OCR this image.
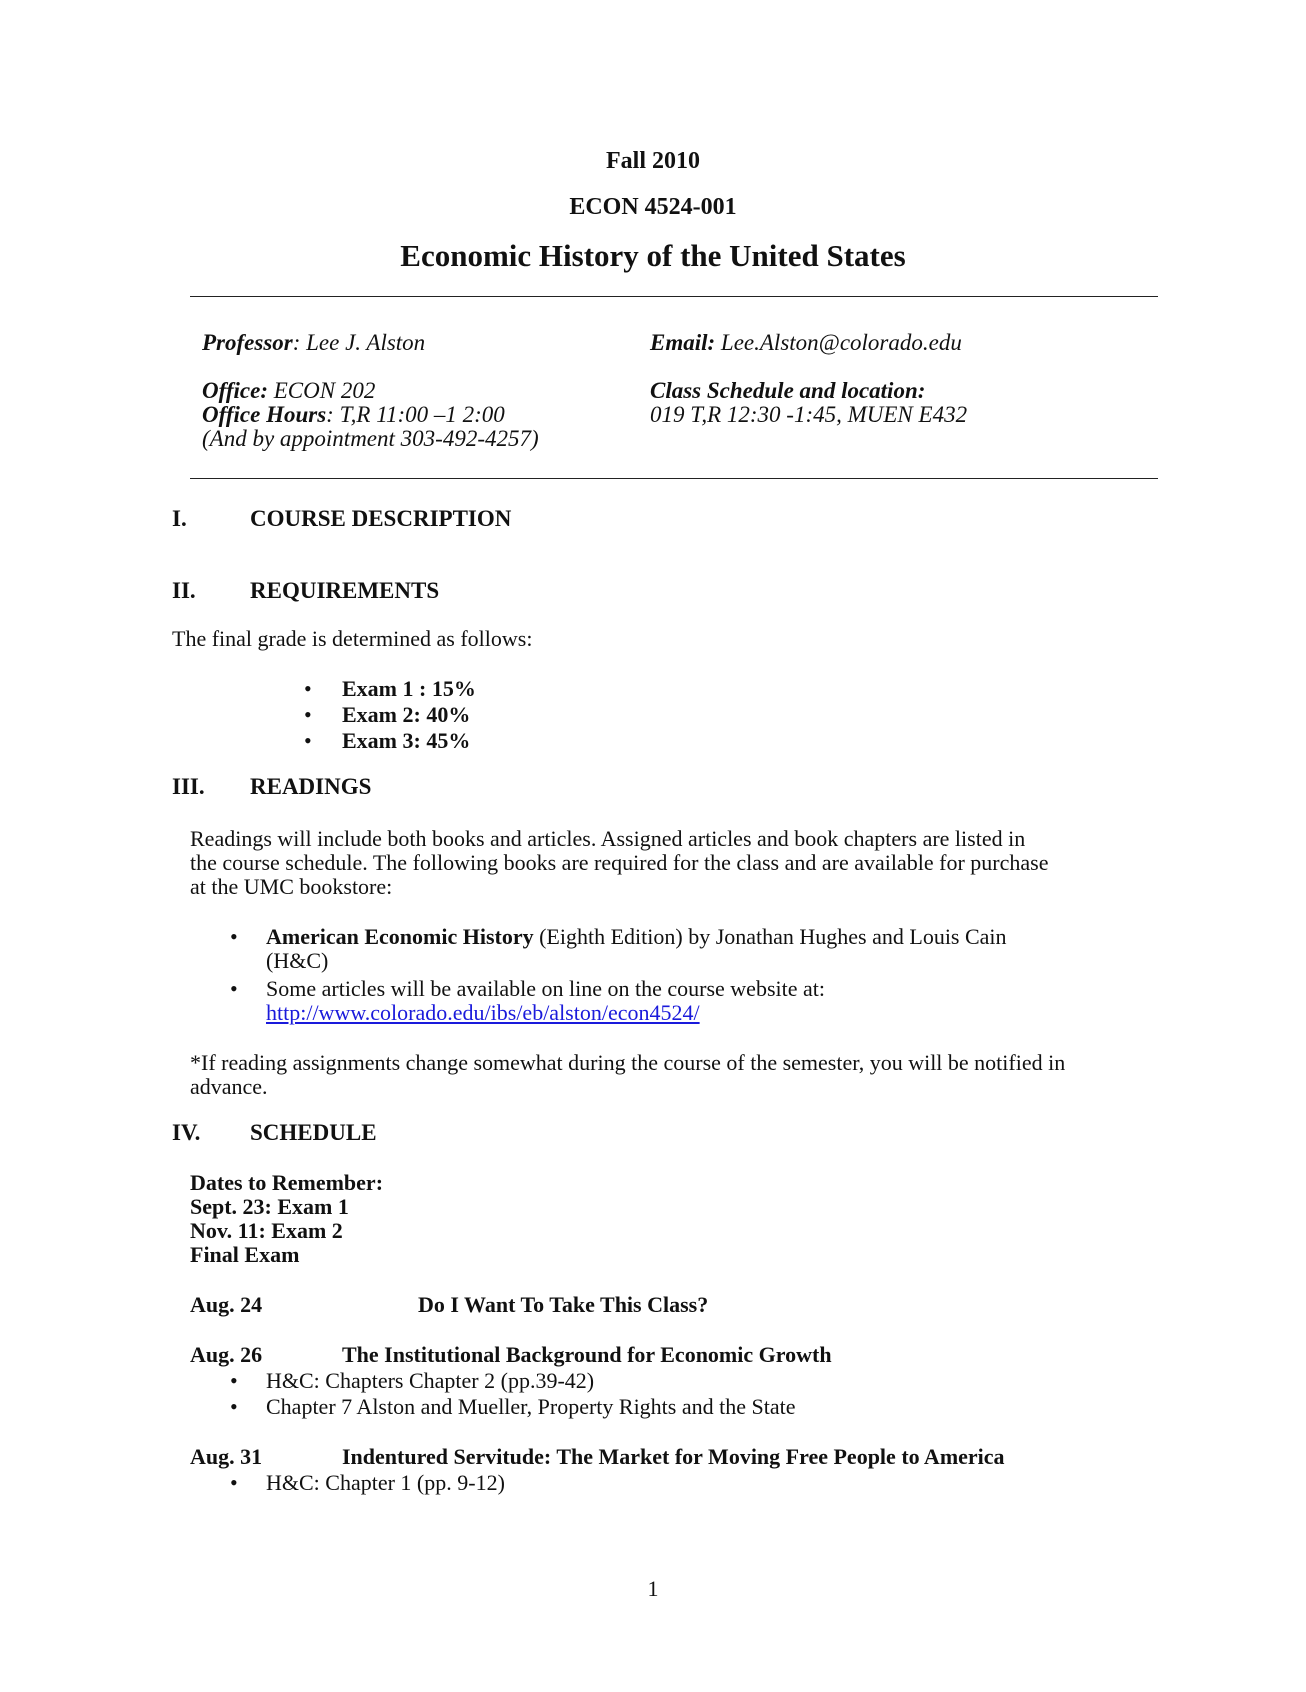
Fall 2010
ECON 4524-001
Economic History of the United States
Professor: Lee J. Alston
Office: ECON 202
Office Hours: T,R 11:00 –1 2:00
(And by appointment 303-492-4257)
Email: Lee.Alston@colorado.edu
Class Schedule and location:
019 T,R 12:30 -1:45, MUEN E432
I.	COURSE DESCRIPTION
II. REQUIREMENTS
The final grade is determined as follows:
• Exam 1 : 15%
• Exam 2: 40%
• Exam 3: 45%
III. READINGS
Readings will include both books and articles. Assigned articles and book chapters are listed in
the course schedule. The following books are required for the class and are available for purchase
at the UMC bookstore:
• American Economic History (Eighth Edition) by Jonathan Hughes and Louis Cain
(H&C)
• Some articles will be available on line on the course website at:
http://www.colorado.edu/ibs/eb/alston/econ4524/
*If reading assignments change somewhat during the course of the semester, you will be notified in
advance.
IV. SCHEDULE
Dates to Remember:
Sept. 23: Exam 1
Nov. 11: Exam 2
Final Exam
Aug. 24	Do I Want To Take This Class?
Aug. 26	The Institutional Background for Economic Growth
• H&C: Chapters Chapter 2 (pp.39-42)
• Chapter 7 Alston and Mueller, Property Rights and the State
Aug. 31	Indentured Servitude: The Market for Moving Free People to America
• H&C: Chapter 1 (pp. 9-12)
1
